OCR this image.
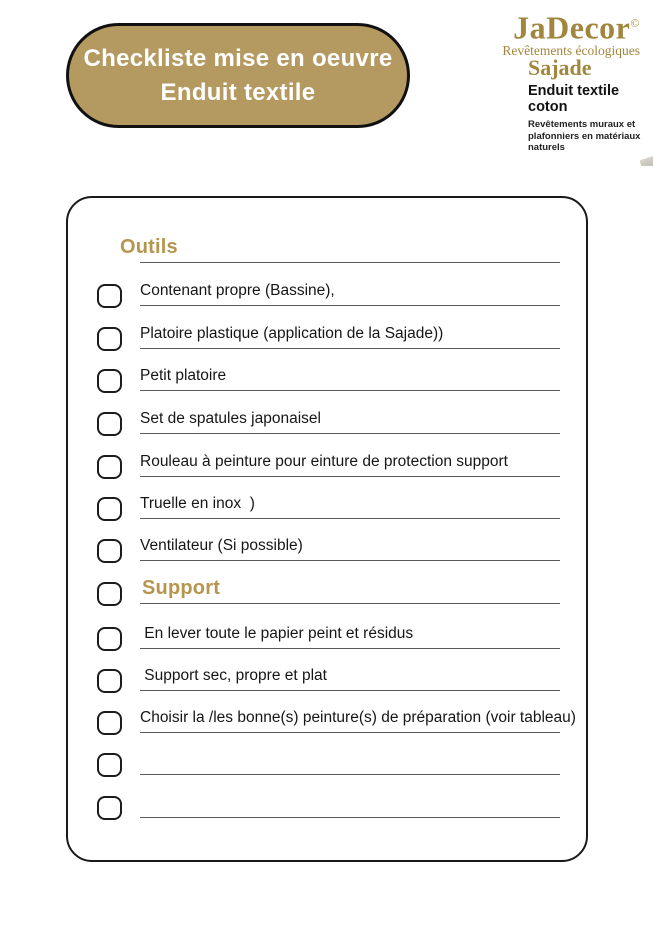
Checkliste mise en oeuvre
Enduit textile
JaDecor©
Revêtements écologiques
Sajade
Enduit textile coton
Revêtements muraux et
plafonniers en matériaux
naturels
Outils
Contenant propre (Bassine),
Platoire plastique (application de la Sajade))
Petit platoire
Set de spatules japonaisel
Rouleau à peinture pour einture de protection support
Truelle en inox  )
Ventilateur (Si possible)
Support
En lever toute le papier peint et résidus
Support sec, propre et plat
Choisir la /les bonne(s) peinture(s) de préparation (voir tableau)
